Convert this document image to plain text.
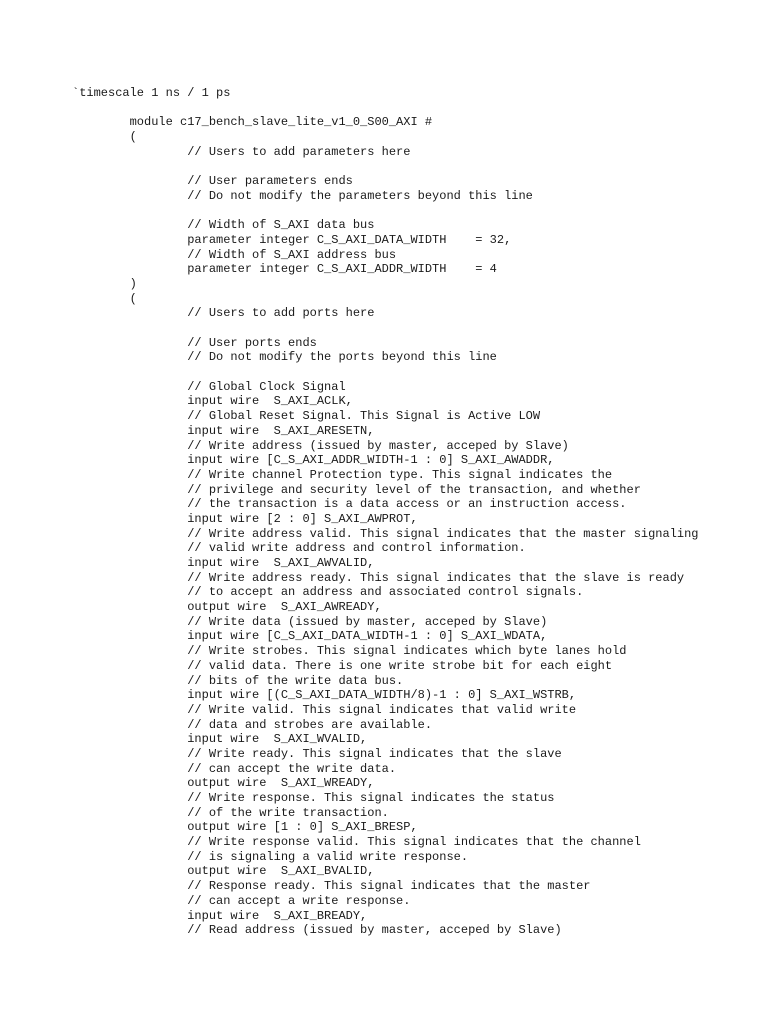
`timescale 1 ns / 1 ps
module c17_bench_slave_lite_v1_0_S00_AXI #
(
// Users to add parameters here
// User parameters ends
// Do not modify the parameters beyond this line
// Width of S_AXI data bus
parameter integer C_S_AXI_DATA_WIDTH    = 32,
// Width of S_AXI address bus
parameter integer C_S_AXI_ADDR_WIDTH    = 4
)
(
// Users to add ports here
// User ports ends
// Do not modify the ports beyond this line
// Global Clock Signal
input wire  S_AXI_ACLK,
// Global Reset Signal. This Signal is Active LOW
input wire  S_AXI_ARESETN,
// Write address (issued by master, acceped by Slave)
input wire [C_S_AXI_ADDR_WIDTH-1 : 0] S_AXI_AWADDR,
// Write channel Protection type. This signal indicates the
// privilege and security level of the transaction, and whether
// the transaction is a data access or an instruction access.
input wire [2 : 0] S_AXI_AWPROT,
// Write address valid. This signal indicates that the master signaling
// valid write address and control information.
input wire  S_AXI_AWVALID,
// Write address ready. This signal indicates that the slave is ready
// to accept an address and associated control signals.
output wire  S_AXI_AWREADY,
// Write data (issued by master, acceped by Slave)
input wire [C_S_AXI_DATA_WIDTH-1 : 0] S_AXI_WDATA,
// Write strobes. This signal indicates which byte lanes hold
// valid data. There is one write strobe bit for each eight
// bits of the write data bus.
input wire [(C_S_AXI_DATA_WIDTH/8)-1 : 0] S_AXI_WSTRB,
// Write valid. This signal indicates that valid write
// data and strobes are available.
input wire  S_AXI_WVALID,
// Write ready. This signal indicates that the slave
// can accept the write data.
output wire  S_AXI_WREADY,
// Write response. This signal indicates the status
// of the write transaction.
output wire [1 : 0] S_AXI_BRESP,
// Write response valid. This signal indicates that the channel
// is signaling a valid write response.
output wire  S_AXI_BVALID,
// Response ready. This signal indicates that the master
// can accept a write response.
input wire  S_AXI_BREADY,
// Read address (issued by master, acceped by Slave)
